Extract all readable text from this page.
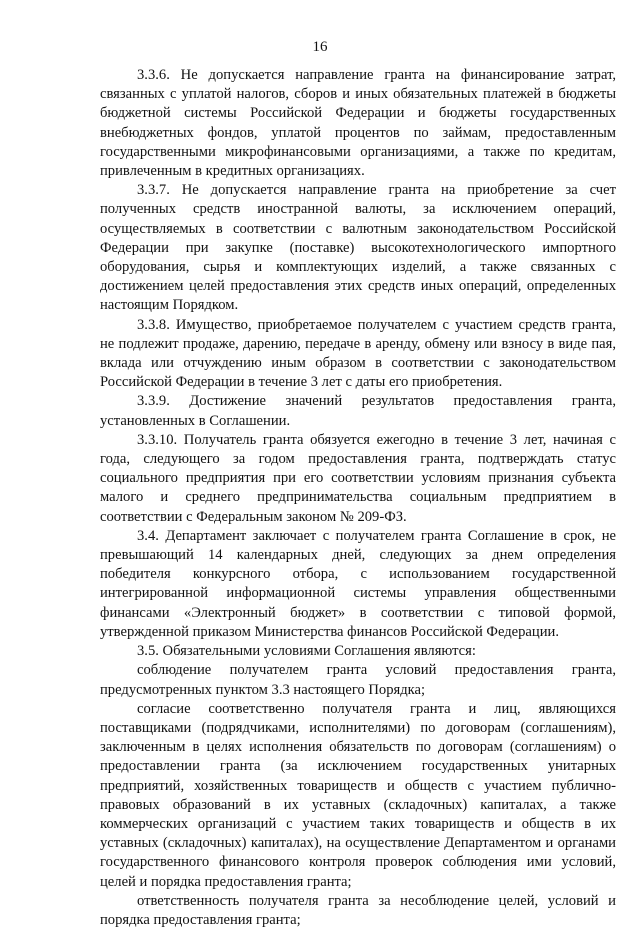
16

3.3.6. Не допускается направление гранта на финансирование затрат, связанных с уплатой налогов, сборов и иных обязательных платежей в бюджеты бюджетной системы Российской Федерации и бюджеты государственных внебюджетных фондов, уплатой процентов по займам, предоставленным государственными микрофинансовыми организациями, а также по кредитам, привлеченным в кредитных организациях.

3.3.7. Не допускается направление гранта на приобретение за счет полученных средств иностранной валюты, за исключением операций, осуществляемых в соответствии с валютным законодательством Российской Федерации при закупке (поставке) высокотехнологического импортного оборудования, сырья и комплектующих изделий, а также связанных с достижением целей предоставления этих средств иных операций, определенных настоящим Порядком.

3.3.8. Имущество, приобретаемое получателем с участием средств гранта, не подлежит продаже, дарению, передаче в аренду, обмену или взносу в виде пая, вклада или отчуждению иным образом в соответствии с законодательством Российской Федерации в течение 3 лет с даты его приобретения.

3.3.9. Достижение значений результатов предоставления гранта, установленных в Соглашении.

3.3.10. Получатель гранта обязуется ежегодно в течение 3 лет, начиная с года, следующего за годом предоставления гранта, подтверждать статус социального предприятия при его соответствии условиям признания субъекта малого и среднего предпринимательства социальным предприятием в соответствии с Федеральным законом № 209-ФЗ.

3.4. Департамент заключает с получателем гранта Соглашение в срок, не превышающий 14 календарных дней, следующих за днем определения победителя конкурсного отбора, с использованием государственной интегрированной информационной системы управления общественными финансами «Электронный бюджет» в соответствии с типовой формой, утвержденной приказом Министерства финансов Российской Федерации.

3.5. Обязательными условиями Соглашения являются:

соблюдение получателем гранта условий предоставления гранта, предусмотренных пунктом 3.3 настоящего Порядка;

согласие соответственно получателя гранта и лиц, являющихся поставщиками (подрядчиками, исполнителями) по договорам (соглашениям), заключенным в целях исполнения обязательств по договорам (соглашениям) о предоставлении гранта (за исключением государственных унитарных предприятий, хозяйственных товариществ и обществ с участием публично-правовых образований в их уставных (складочных) капиталах, а также коммерческих организаций с участием таких товариществ и обществ в их уставных (складочных) капиталах), на осуществление Департаментом и органами государственного финансового контроля проверок соблюдения ими условий, целей и порядка предоставления гранта;

ответственность получателя гранта за несоблюдение целей, условий и порядка предоставления гранта;
